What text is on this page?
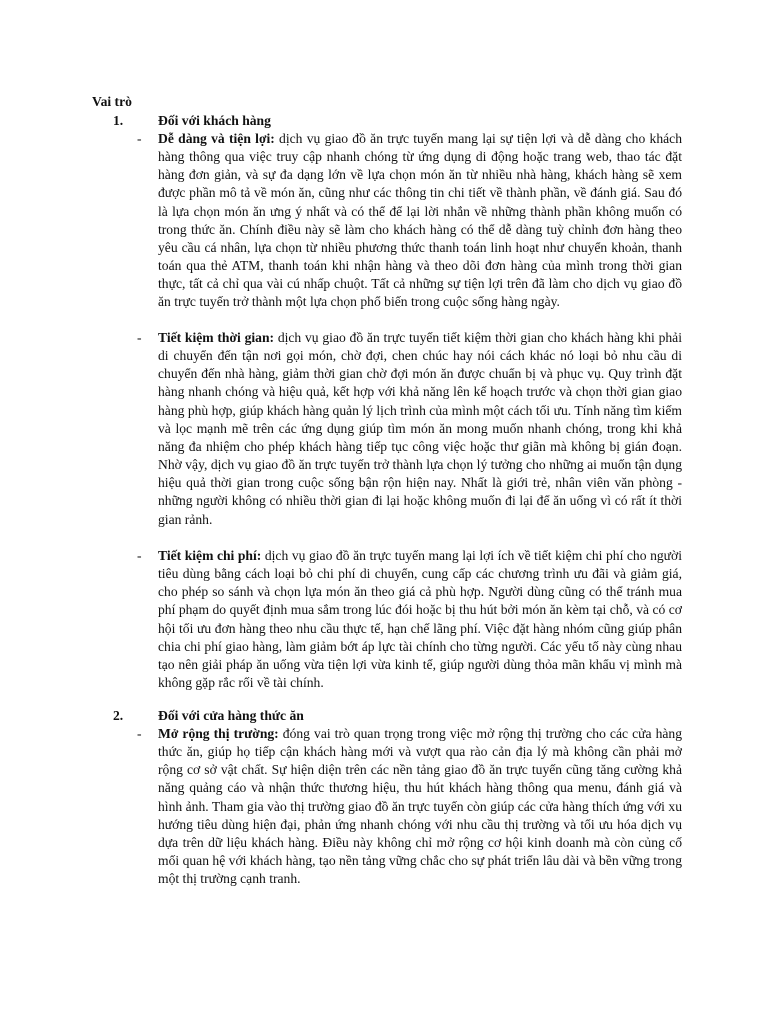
Vai trò
1.	Đối với khách hàng
- Dễ dàng và tiện lợi: dịch vụ giao đồ ăn trực tuyến mang lại sự tiện lợi và dễ dàng cho khách hàng thông qua việc truy cập nhanh chóng từ ứng dụng di động hoặc trang web, thao tác đặt hàng đơn giản, và sự đa dạng lớn về lựa chọn món ăn từ nhiều nhà hàng, khách hàng sẽ xem được phần mô tả về món ăn, cũng như các thông tin chi tiết về thành phần, về đánh giá. Sau đó là lựa chọn món ăn ưng ý nhất và có thể để lại lời nhắn về những thành phần không muốn có trong thức ăn. Chính điều này sẽ làm cho khách hàng có thể dễ dàng tuỳ chỉnh đơn hàng theo yêu cầu cá nhân, lựa chọn từ nhiều phương thức thanh toán linh hoạt như chuyển khoản, thanh toán qua thẻ ATM, thanh toán khi nhận hàng và theo dõi đơn hàng của mình trong thời gian thực, tất cả chỉ qua vài cú nhấp chuột. Tất cả những sự tiện lợi trên đã làm cho dịch vụ giao đồ ăn trực tuyến trở thành một lựa chọn phổ biến trong cuộc sống hàng ngày.
- Tiết kiệm thời gian: dịch vụ giao đồ ăn trực tuyến tiết kiệm thời gian cho khách hàng khi phải di chuyển đến tận nơi gọi món, chờ đợi, chen chúc hay nói cách khác nó loại bỏ nhu cầu di chuyển đến nhà hàng, giảm thời gian chờ đợi món ăn được chuẩn bị và phục vụ. Quy trình đặt hàng nhanh chóng và hiệu quả, kết hợp với khả năng lên kế hoạch trước và chọn thời gian giao hàng phù hợp, giúp khách hàng quản lý lịch trình của mình một cách tối ưu. Tính năng tìm kiếm và lọc mạnh mẽ trên các ứng dụng giúp tìm món ăn mong muốn nhanh chóng, trong khi khả năng đa nhiệm cho phép khách hàng tiếp tục công việc hoặc thư giãn mà không bị gián đoạn. Nhờ vậy, dịch vụ giao đồ ăn trực tuyến trở thành lựa chọn lý tưởng cho những ai muốn tận dụng hiệu quả thời gian trong cuộc sống bận rộn hiện nay. Nhất là giới trẻ, nhân viên văn phòng - những người không có nhiều thời gian đi lại hoặc không muốn đi lại để ăn uống vì có rất ít thời gian rảnh.
- Tiết kiệm chi phí: dịch vụ giao đồ ăn trực tuyến mang lại lợi ích về tiết kiệm chi phí cho người tiêu dùng bằng cách loại bỏ chi phí di chuyển, cung cấp các chương trình ưu đãi và giảm giá, cho phép so sánh và chọn lựa món ăn theo giá cả phù hợp. Người dùng cũng có thể tránh mua phí phạm do quyết định mua sắm trong lúc đói hoặc bị thu hút bởi món ăn kèm tại chỗ, và có cơ hội tối ưu đơn hàng theo nhu cầu thực tế, hạn chế lãng phí. Việc đặt hàng nhóm cũng giúp phân chia chi phí giao hàng, làm giảm bớt áp lực tài chính cho từng người. Các yếu tố này cùng nhau tạo nên giải pháp ăn uống vừa tiện lợi vừa kinh tế, giúp người dùng thỏa mãn khẩu vị mình mà không gặp rắc rối về tài chính.
2.	Đối với cửa hàng thức ăn
- Mở rộng thị trường: đóng vai trò quan trọng trong việc mở rộng thị trường cho các cửa hàng thức ăn, giúp họ tiếp cận khách hàng mới và vượt qua rào cản địa lý mà không cần phải mở rộng cơ sở vật chất. Sự hiện diện trên các nền tảng giao đồ ăn trực tuyến cũng tăng cường khả năng quảng cáo và nhận thức thương hiệu, thu hút khách hàng thông qua menu, đánh giá và hình ảnh. Tham gia vào thị trường giao đồ ăn trực tuyến còn giúp các cửa hàng thích ứng với xu hướng tiêu dùng hiện đại, phản ứng nhanh chóng với nhu cầu thị trường và tối ưu hóa dịch vụ dựa trên dữ liệu khách hàng. Điều này không chỉ mở rộng cơ hội kinh doanh mà còn củng cố mối quan hệ với khách hàng, tạo nền tảng vững chắc cho sự phát triển lâu dài và bền vững trong một thị trường cạnh tranh.
